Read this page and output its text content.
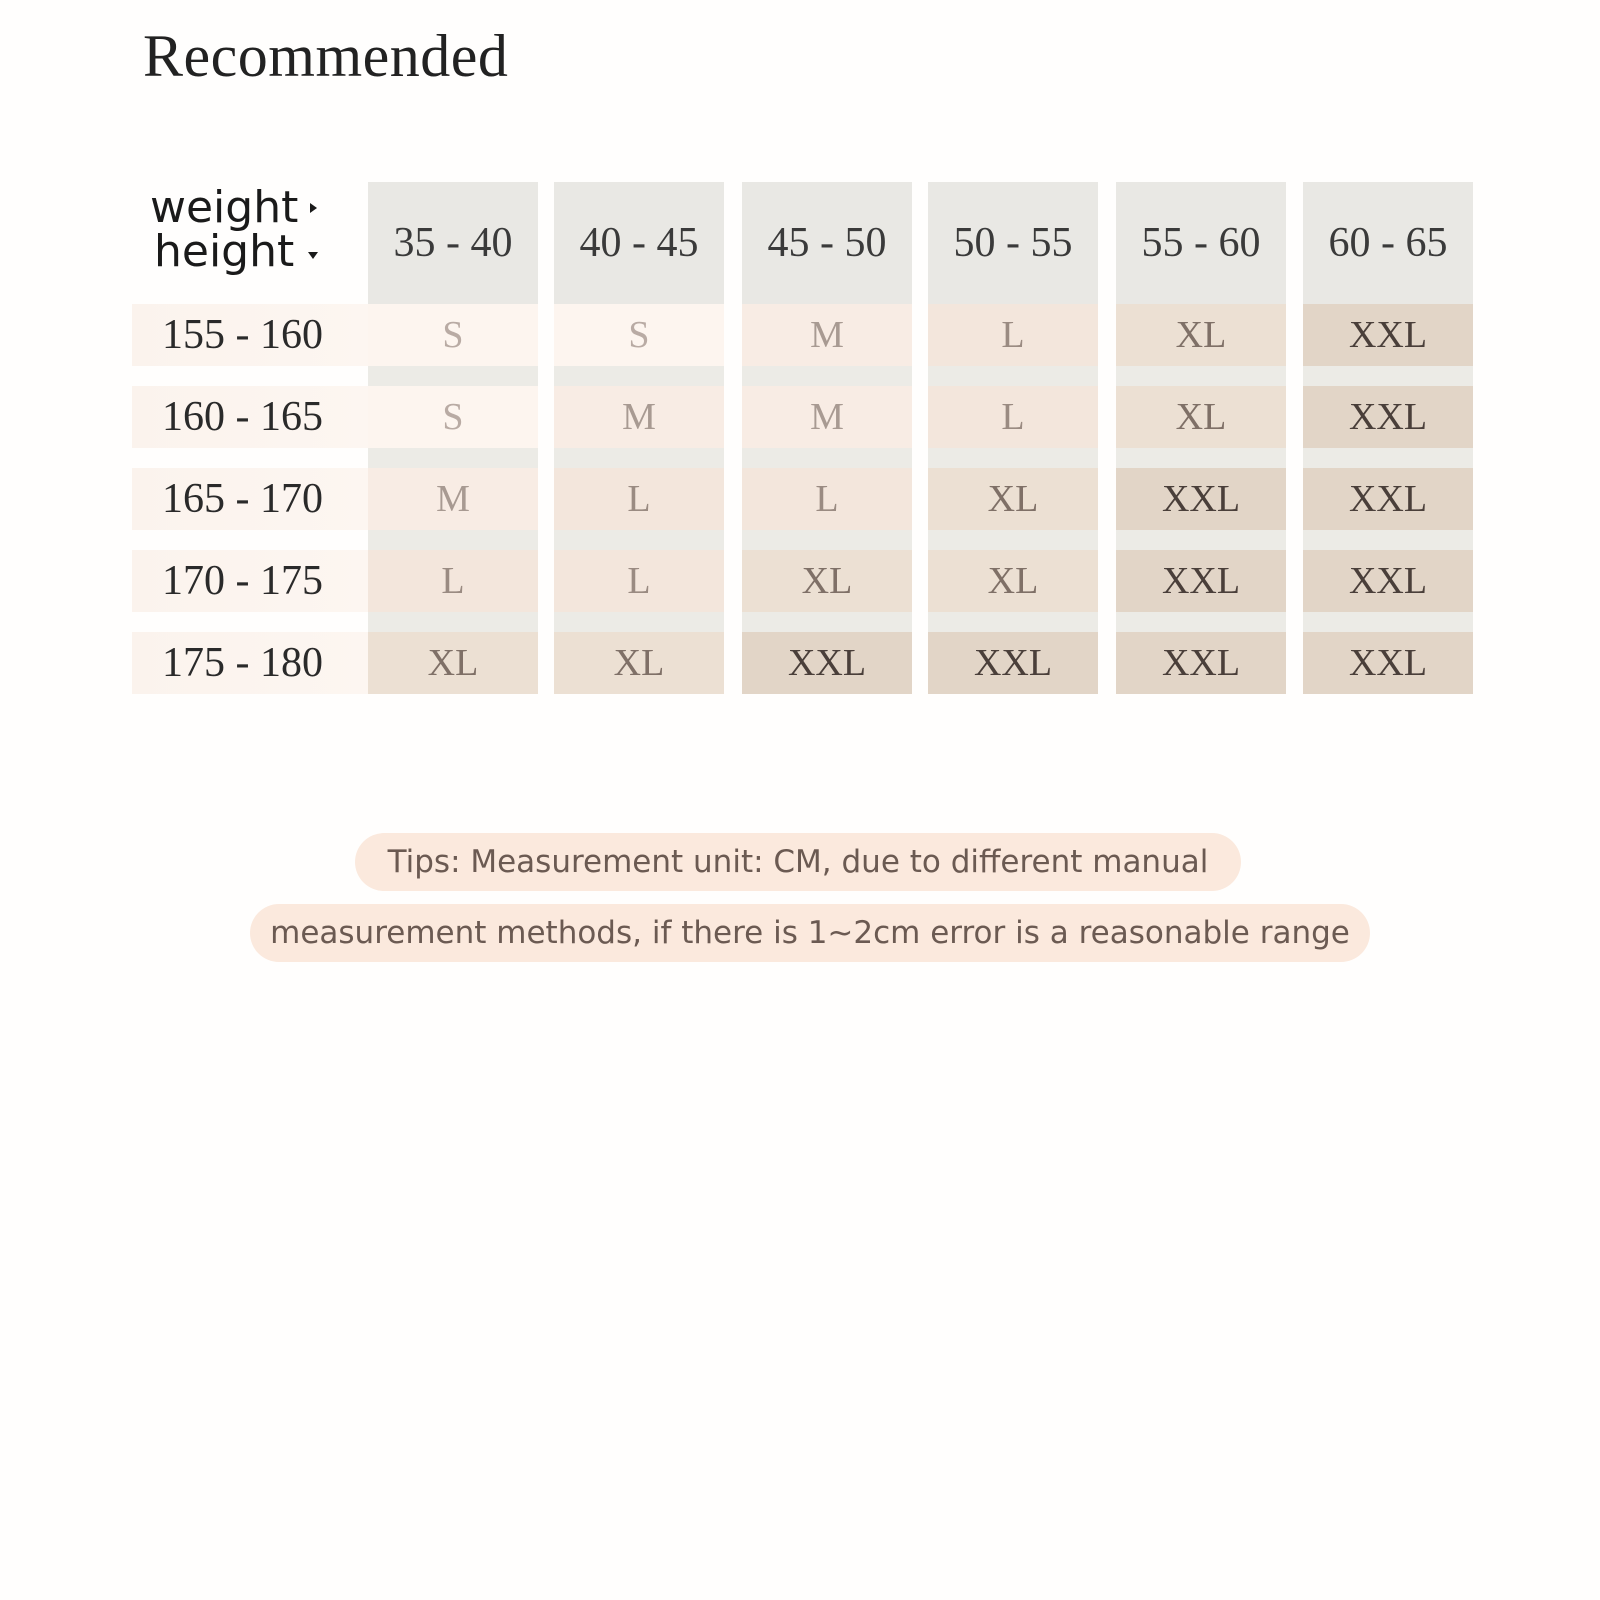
Recommended
weight
height	35 - 40	40 - 45	45 - 50	50 - 55	55 - 60	60 - 65
155 - 160	S	S	M	L	XL	XXL
160 - 165	S	M	M	L	XL	XXL
165 - 170	M	L	L	XL	XXL	XXL
170 - 175	L	L	XL	XL	XXL	XXL
175 - 180	XL	XL	XXL	XXL	XXL	XXL
Tips: Measurement unit: CM, due to different manual
measurement methods, if there is 1~2cm error is a reasonable range
